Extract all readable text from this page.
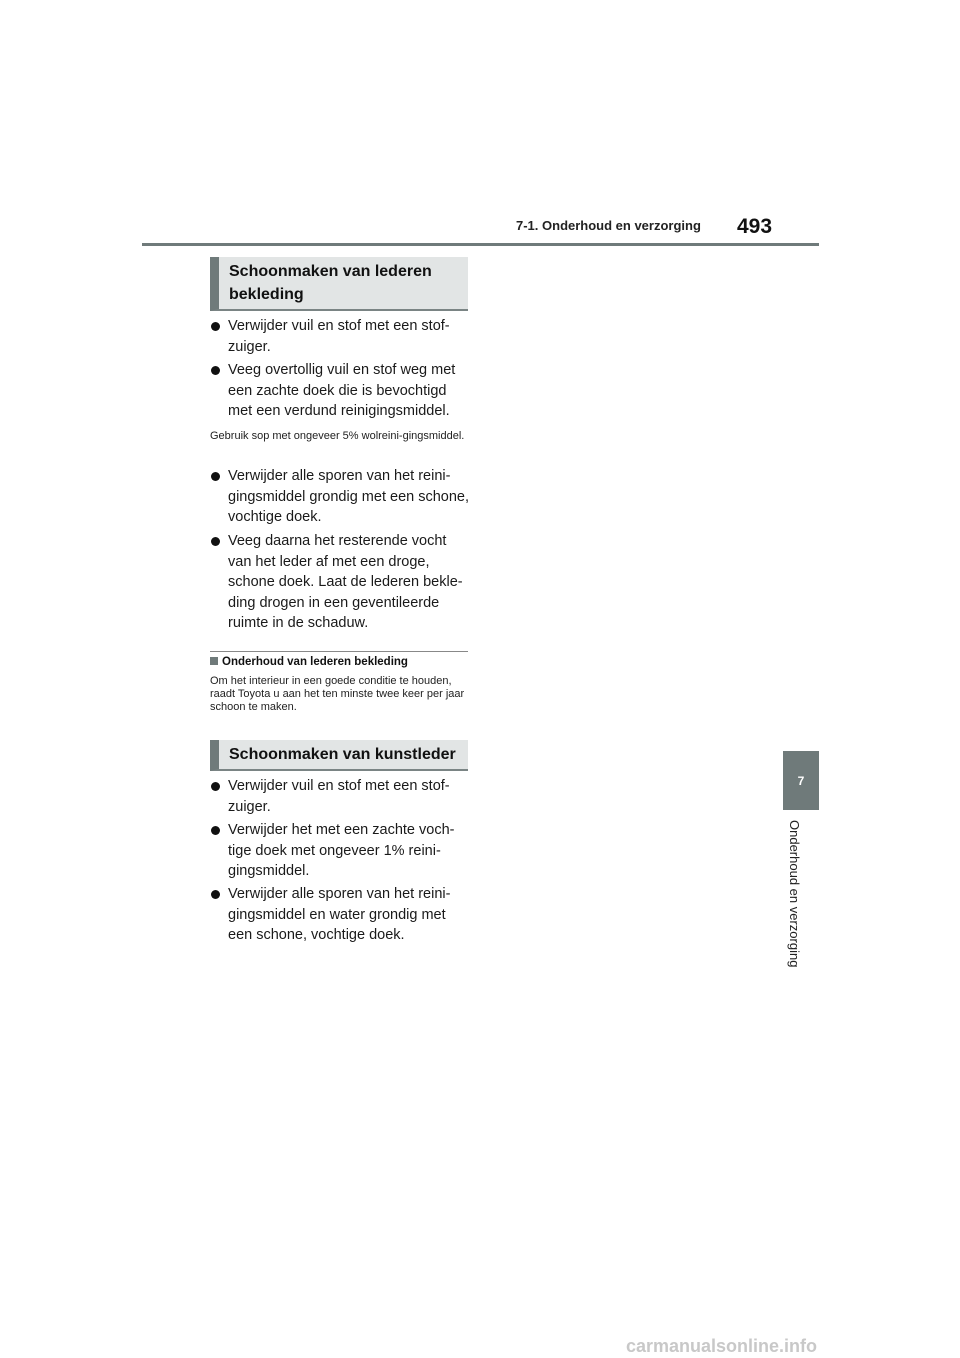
7-1. Onderhoud en verzorging 493
7
Onderhoud en verzorging
Schoonmaken van lederen bekleding
Verwijder vuil en stof met een stof-zuiger.
Veeg overtollig vuil en stof weg met een zachte doek die is bevochtigd met een verdund reinigingsmiddel.
Gebruik sop met ongeveer 5% wolreini-gingsmiddel.
Verwijder alle sporen van het reini-gingsmiddel grondig met een schone, vochtige doek.
Veeg daarna het resterende vocht van het leder af met een droge, schone doek. Laat de lederen bekle-ding drogen in een geventileerde ruimte in de schaduw.
Onderhoud van lederen bekleding
Om het interieur in een goede conditie te houden, raadt Toyota u aan het ten minste twee keer per jaar schoon te maken.
Schoonmaken van kunstleder
Verwijder vuil en stof met een stof-zuiger.
Verwijder het met een zachte voch-tige doek met ongeveer 1% reini-gingsmiddel.
Verwijder alle sporen van het reini-gingsmiddel en water grondig met een schone, vochtige doek.
carmanualsonline.info
